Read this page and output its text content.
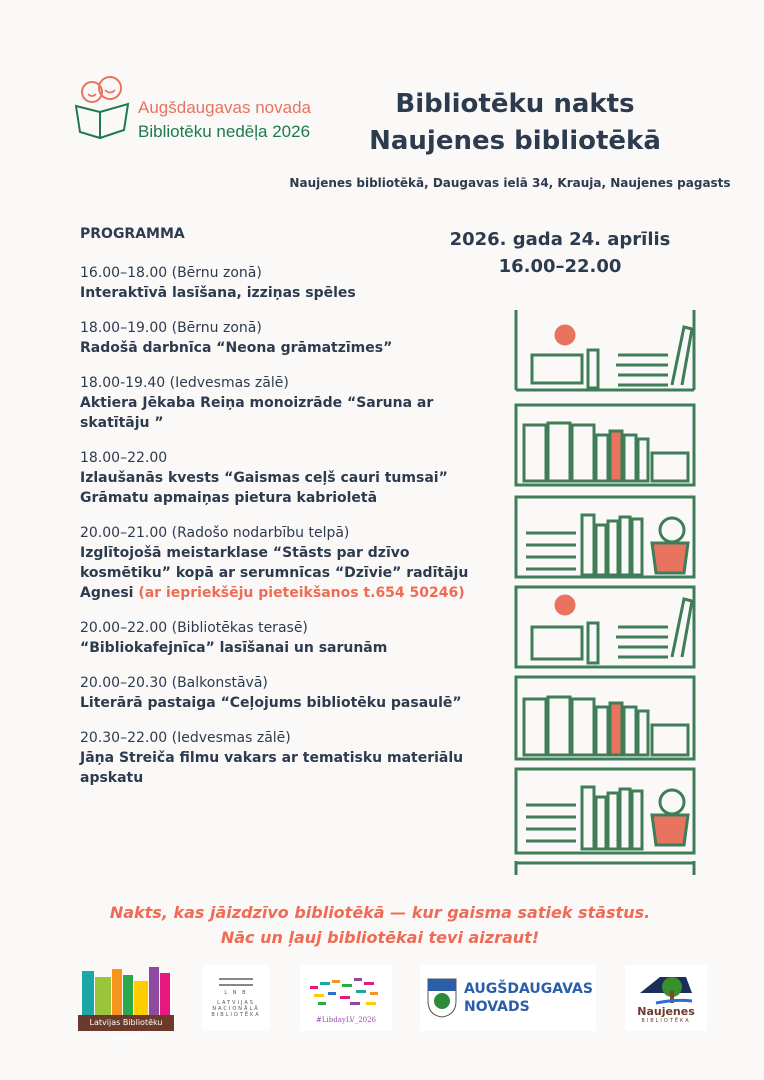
Augšdaugavas novada
Bibliotēku nedēļa 2026
Bibliotēku nakts
Naujenes bibliotēkā
Naujenes bibliotēkā, Daugavas ielā 34, Krauja, Naujenes pagasts
2026. gada 24. aprīlis
16.00–22.00
PROGRAMMA
16.00–18.00 (Bērnu zonā)
Interaktīvā lasīšana, izziņas spēles
18.00–19.00 (Bērnu zonā)
Radošā darbnīca “Neona grāmatzīmes”
18.00-19.40 (Iedvesmas zālē)
Aktiera Jēkaba Reiņa monoizrāde “Saruna ar skatītāju ”
18.00–22.00
Izlaušanās kvests “Gaismas ceļš cauri tumsai” Grāmatu apmaiņas pietura kabrioletā
20.00–21.00 (Radošo nodarbību telpā)
Izglītojošā meistarklase “Stāsts par dzīvo kosmētiku” kopā ar serumnīcas “Dzīvie” radītāju Agnesi (ar iepriekšēju pieteikšanos t.654 50246)
20.00–22.00 (Bibliotēkas terasē)
“Bibliokafejnīca” lasīšanai un sarunām
20.00–20.30 (Balkonstāvā)
Literārā pastaiga “Ceļojums bibliotēku pasaulē”
20.30–22.00 (Iedvesmas zālē)
Jāņa Streiča filmu vakars ar tematisku materiālu apskatu
Nakts, kas jāizdzīvo bibliotēkā — kur gaisma satiek stāstus.
Nāc un ļauj bibliotēkai tevi aizraut!
Latvijas Bibliotēku nedēļa
L N B
LATVIJAS
NACIONĀLĀ
BIBLIOTĒKA
#LibdayLV_2026
AUGŠDAUGAVAS
NOVADS	Naujenes
BIBLIOTĒKA
